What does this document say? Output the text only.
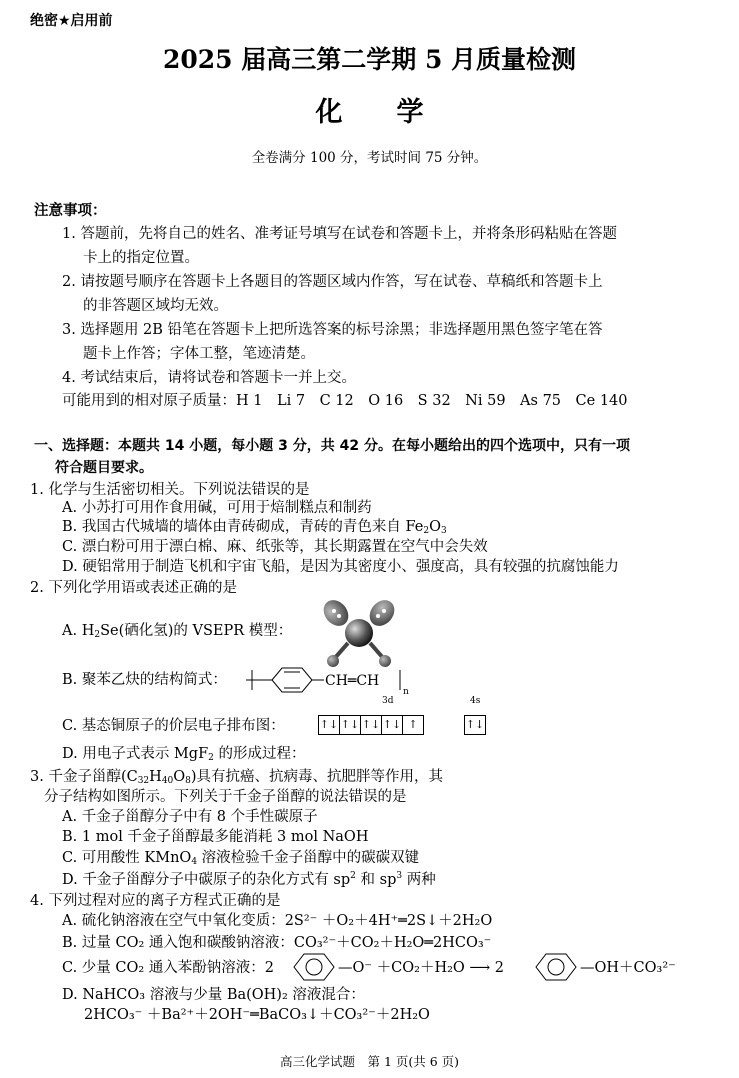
绝密★启用前
2025 届高三第二学期 5 月质量检测
化　　学
全卷满分 100 分，考试时间 75 分钟。
注意事项：
1. 答题前，先将自己的姓名、准考证号填写在试卷和答题卡上，并将条形码粘贴在答题
卡上的指定位置。
2. 请按题号顺序在答题卡上各题目的答题区域内作答，写在试卷、草稿纸和答题卡上
的非答题区域均无效。
3. 选择题用 2B 铅笔在答题卡上把所选答案的标号涂黑；非选择题用黑色签字笔在答
题卡上作答；字体工整，笔迹清楚。
4. 考试结束后，请将试卷和答题卡一并上交。
可能用到的相对原子质量：H 1　Li 7　C 12　O 16　S 32　Ni 59　As 75　Ce 140
一、选择题：本题共 14 小题，每小题 3 分，共 42 分。在每小题给出的四个选项中，只有一项
符合题目要求。
1. 化学与生活密切相关。下列说法错误的是
A. 小苏打可用作食用碱，可用于焙制糕点和制药
B. 我国古代城墙的墙体由青砖砌成，青砖的青色来自 $Fe_2O_3$
C. 漂白粉可用于漂白棉、麻、纸张等，其长期露置在空气中会失效
D. 硬铝常用于制造飞机和宇宙飞船，是因为其密度小、强度高，具有较强的抗腐蚀能力
2. 下列化学用语或表述正确的是
A. $H_2Se$(硒化氢)的 VSEPR 模型：
B. 聚苯乙炔的结构简式：	CH═CH
n
C. 基态铜原子的价层电子排布图：
3d	4s
↑↓ ↑↓ ↑↓ ↑↓ ↑	↑↓
D. 用电子式表示 MgF$_2$ 的形成过程：
3. 千金子甾醇$(C_{32}H_{40}O_8)$具有抗癌、抗病毒、抗肥胖等作用，其
分子结构如图所示。下列关于千金子甾醇的说法错误的是
A. 千金子甾醇分子中有 8 个手性碳原子
B. 1 mol 千金子甾醇最多能消耗 3 mol NaOH
C. 可用酸性 KMnO$_4$ 溶液检验千金子甾醇中的碳碳双键
D. 千金子甾醇分子中碳原子的杂化方式有 $sp^2$ 和 $sp^3$ 两种
4. 下列过程对应的离子方程式正确的是
A. 硫化钠溶液在空气中氧化变质：2S²⁻ ＋O₂＋4H⁺═2S↓＋2H₂O
B. 过量 CO₂ 通入饱和碳酸钠溶液：CO₃²⁻＋CO₂＋H₂O═2HCO₃⁻
C. 少量 CO₂ 通入苯酚钠溶液：2	—O⁻ ＋CO₂＋H₂O ⟶ 2	—OH＋CO₃²⁻
D. NaHCO₃ 溶液与少量 Ba(OH)₂ 溶液混合：
2HCO₃⁻ ＋Ba²⁺＋2OH⁻═BaCO₃↓＋CO₃²⁻＋2H₂O
高三化学试题　第 1 页(共 6 页)
